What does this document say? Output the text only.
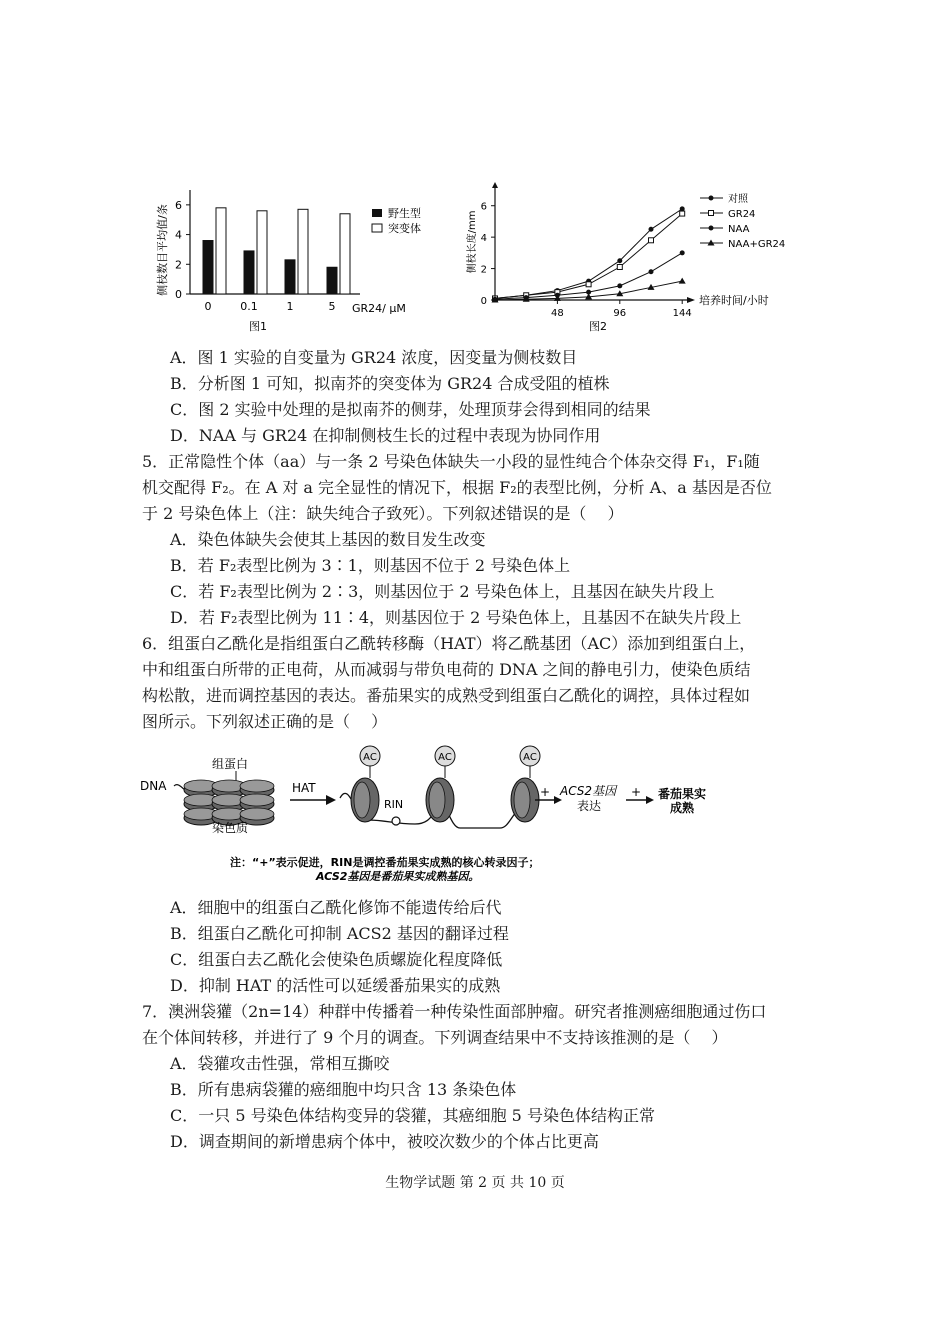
侧枝数目平均值/条 0
2
4
6
0	0.1	1	5 GR24/ μM
图1
野生型
突变体	侧枝长度/mm
0
2
4
6
48	96	144
培养时间/小时
图2
对照
GR24
NAA
NAA+GR24
A．图 1 实验的自变量为 GR24 浓度，因变量为侧枝数目
B．分析图 1 可知，拟南芥的突变体为 GR24 合成受阻的植株
C．图 2 实验中处理的是拟南芥的侧芽，处理顶芽会得到相同的结果
D．NAA 与 GR24 在抑制侧枝生长的过程中表现为协同作用
5．正常隐性个体（aa）与一条 2 号染色体缺失一小段的显性纯合个体杂交得 F₁，F₁随
机交配得 F₂。在 A 对 a 完全显性的情况下，根据 F₂的表型比例，分析 A、a 基因是否位
于 2 号染色体上（注：缺失纯合子致死）。下列叙述错误的是（　 ）
A．染色体缺失会使其上基因的数目发生改变
B．若 F₂表型比例为 3∶1，则基因不位于 2 号染色体上
C．若 F₂表型比例为 2∶3，则基因位于 2 号染色体上，且基因在缺失片段上
D．若 F₂表型比例为 11∶4，则基因位于 2 号染色体上，且基因不在缺失片段上
6．组蛋白乙酰化是指组蛋白乙酰转移酶（HAT）将乙酰基团（AC）添加到组蛋白上，
中和组蛋白所带的正电荷，从而减弱与带负电荷的 DNA 之间的静电引力，使染色质结
构松散，进而调控基因的表达。番茄果实的成熟受到组蛋白乙酰化的调控，具体过程如
图所示。下列叙述正确的是（　 ）
DNA
组蛋白
染色质
HAT
AC	AC	AC
RIN
+ ACS2基因
表达
+ 番茄果实
成熟
注：“+”表示促进，RIN是调控番茄果实成熟的核心转录因子；
ACS2基因是番茄果实成熟基因。
A．细胞中的组蛋白乙酰化修饰不能遗传给后代
B．组蛋白乙酰化可抑制 ACS2 基因的翻译过程
C．组蛋白去乙酰化会使染色质螺旋化程度降低
D．抑制 HAT 的活性可以延缓番茄果实的成熟
7．澳洲袋獾（2n=14）种群中传播着一种传染性面部肿瘤。研究者推测癌细胞通过伤口
在个体间转移，并进行了 9 个月的调查。下列调查结果中不支持该推测的是（　 ）
A．袋獾攻击性强，常相互撕咬
B．所有患病袋獾的癌细胞中均只含 13 条染色体
C．一只 5 号染色体结构变异的袋獾，其癌细胞 5 号染色体结构正常
D．调查期间的新增患病个体中，被咬次数少的个体占比更高
生物学试题 第 2 页 共 10 页
